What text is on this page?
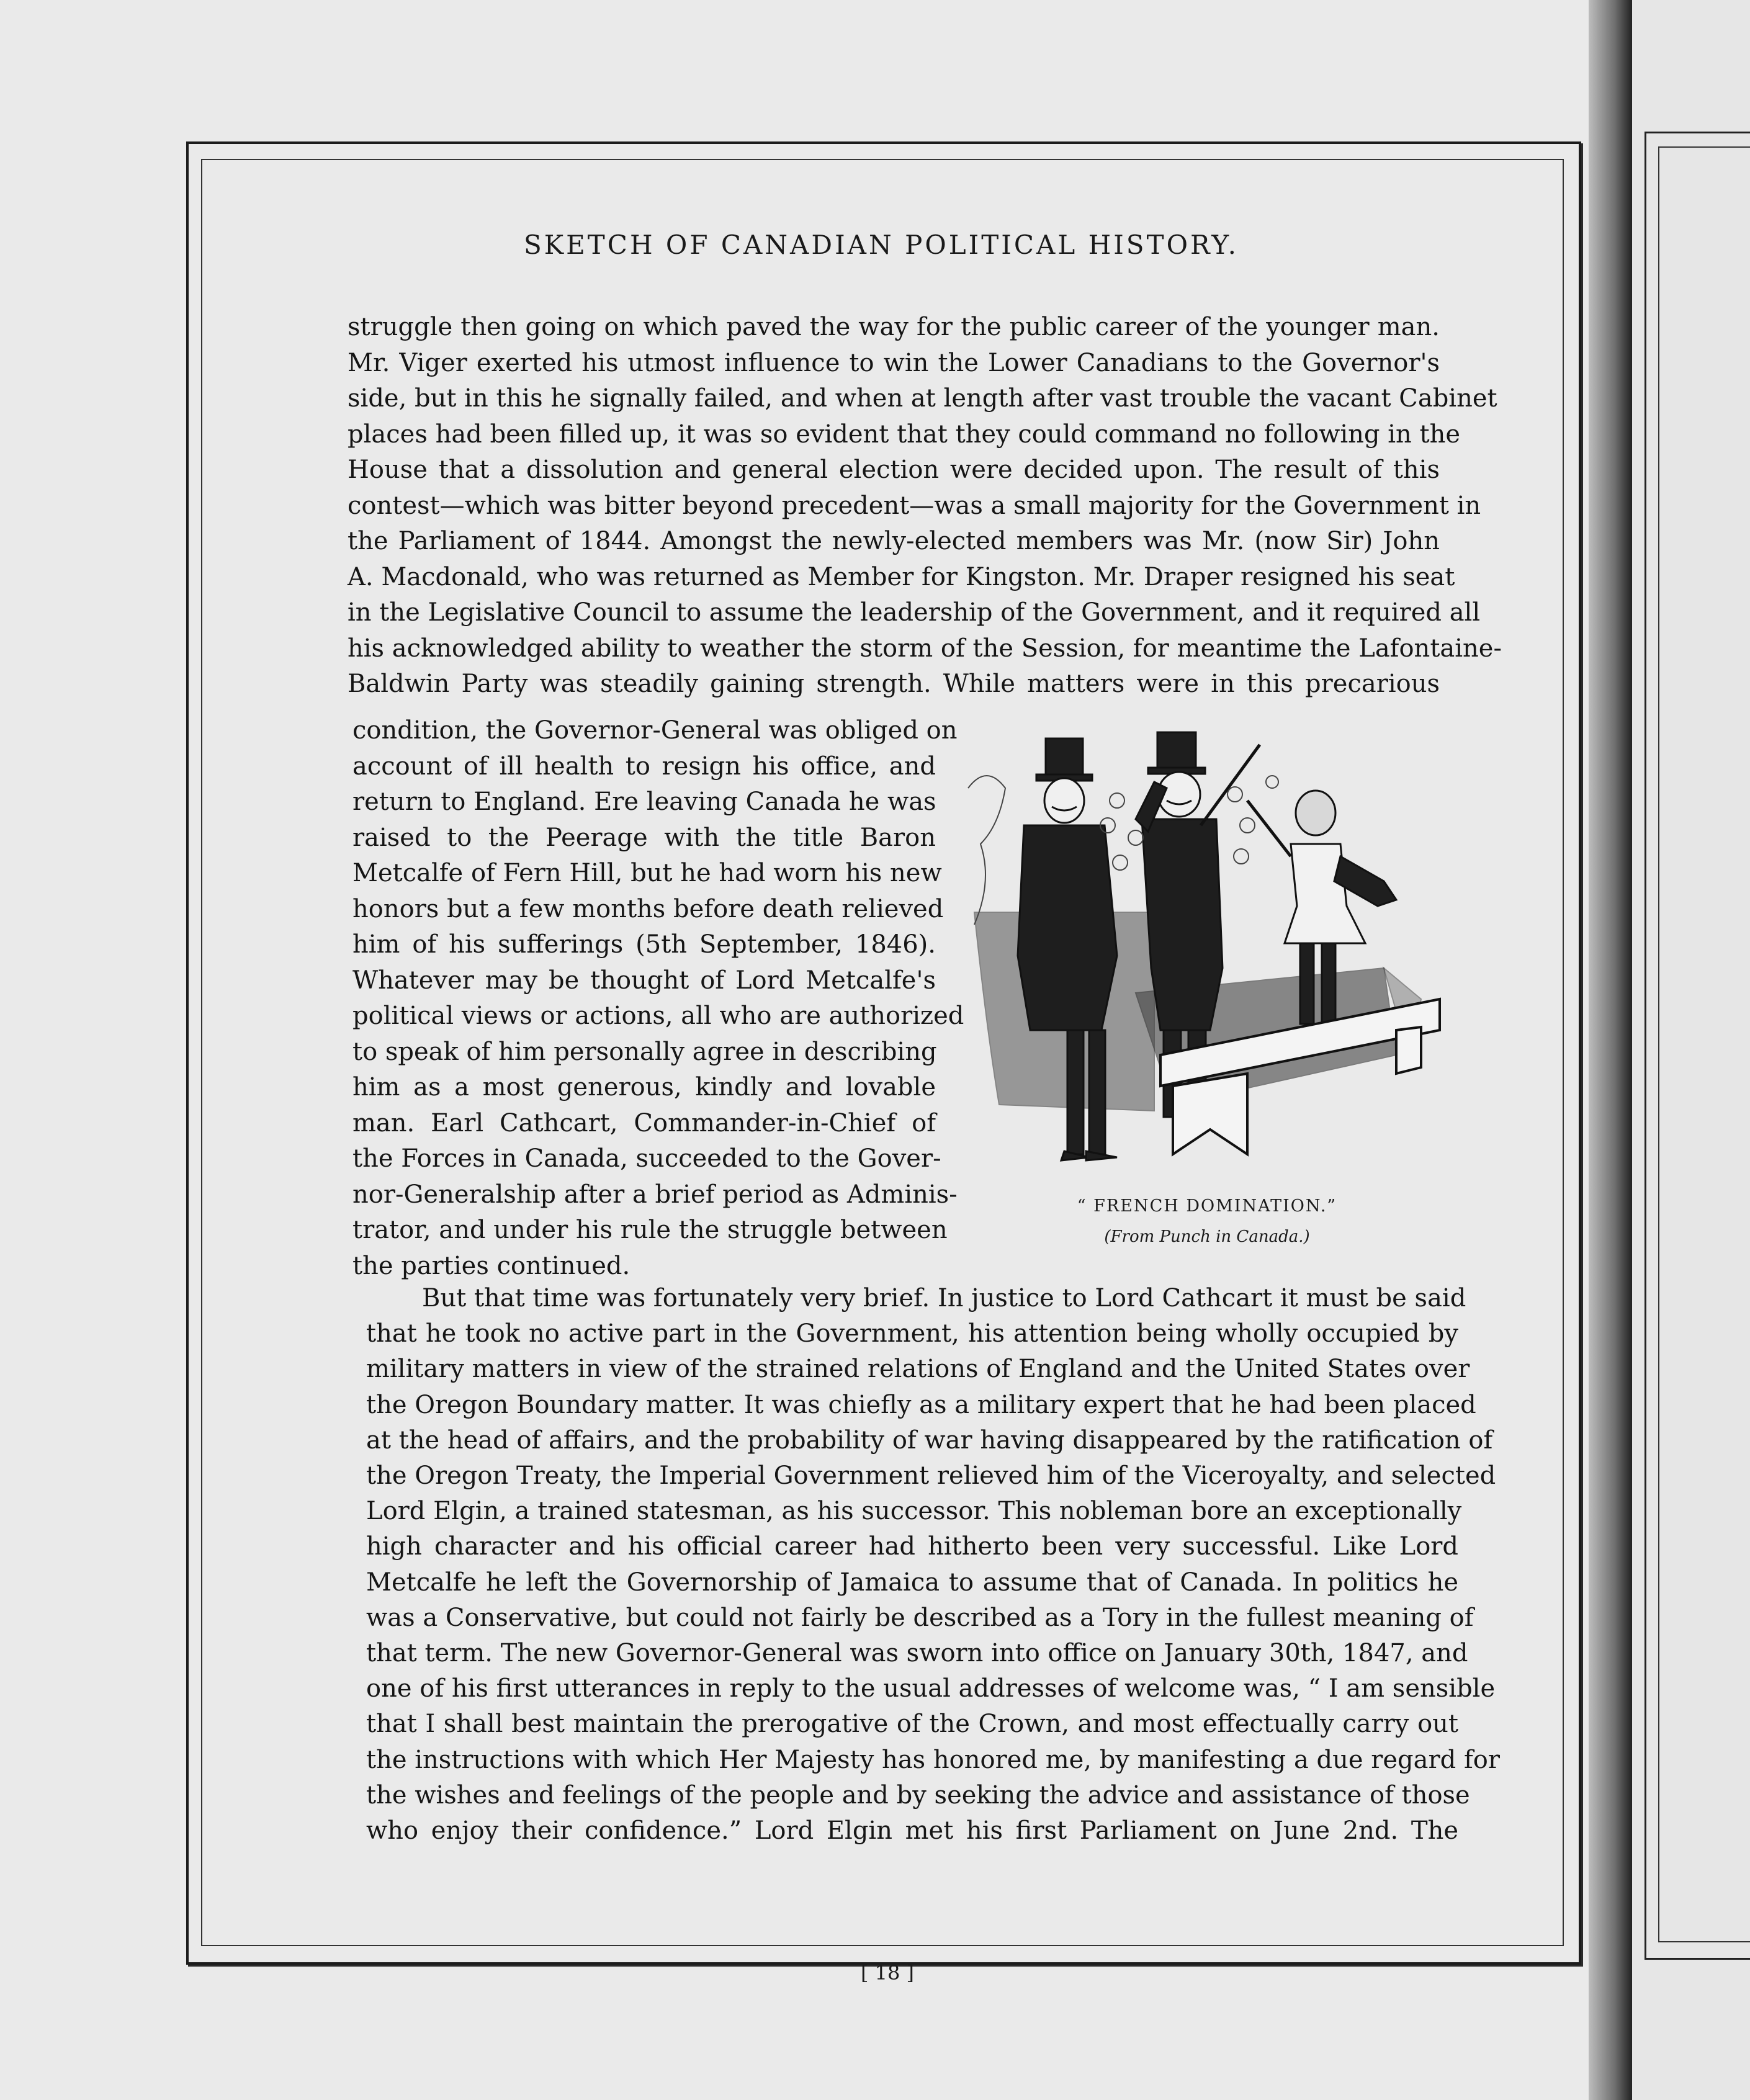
SKETCH OF CANADIAN POLITICAL HISTORY.
struggle then going on which paved the way for the public career of the younger man.
Mr. Viger exerted his utmost influence to win the Lower Canadians to the Governor's
side, but in this he signally failed, and when at length after vast trouble the vacant Cabinet
places had been filled up, it was so evident that they could command no following in the
House that a dissolution and general election were decided upon. The result of this
contest—which was bitter beyond precedent—was a small majority for the Government in
the Parliament of 1844. Amongst the newly-elected members was Mr. (now Sir) John
A. Macdonald, who was returned as Member for Kingston. Mr. Draper resigned his seat
in the Legislative Council to assume the leadership of the Government, and it required all
his acknowledged ability to weather the storm of the Session, for meantime the Lafontaine-
Baldwin Party was steadily gaining strength. While matters were in this precarious
condition, the Governor-General was obliged on
account of ill health to resign his office, and
return to England. Ere leaving Canada he was
raised to the Peerage with the title Baron
Metcalfe of Fern Hill, but he had worn his new
honors but a few months before death relieved
him of his sufferings (5th September, 1846).
Whatever may be thought of Lord Metcalfe's
political views or actions, all who are authorized
to speak of him personally agree in describing
him as a most generous, kindly and lovable
man. Earl Cathcart, Commander-in-Chief of
the Forces in Canada, succeeded to the Gover-
nor-Generalship after a brief period as Adminis-
trator, and under his rule the struggle between
the parties continued.
But that time was fortunately very brief. In justice to Lord Cathcart it must be said
that he took no active part in the Government, his attention being wholly occupied by
military matters in view of the strained relations of England and the United States over
the Oregon Boundary matter. It was chiefly as a military expert that he had been placed
at the head of affairs, and the probability of war having disappeared by the ratification of
the Oregon Treaty, the Imperial Government relieved him of the Viceroyalty, and selected
Lord Elgin, a trained statesman, as his successor. This nobleman bore an exceptionally
high character and his official career had hitherto been very successful. Like Lord
Metcalfe he left the Governorship of Jamaica to assume that of Canada. In politics he
was a Conservative, but could not fairly be described as a Tory in the fullest meaning of
that term. The new Governor-General was sworn into office on January 30th, 1847, and
one of his first utterances in reply to the usual addresses of welcome was, “ I am sensible
that I shall best maintain the prerogative of the Crown, and most effectually carry out
the instructions with which Her Majesty has honored me, by manifesting a due regard for
the wishes and feelings of the people and by seeking the advice and assistance of those
who enjoy their confidence.” Lord Elgin met his first Parliament on June 2nd. The
“ FRENCH DOMINATION.”
(From Punch in Canada.)
[ 18 ]
